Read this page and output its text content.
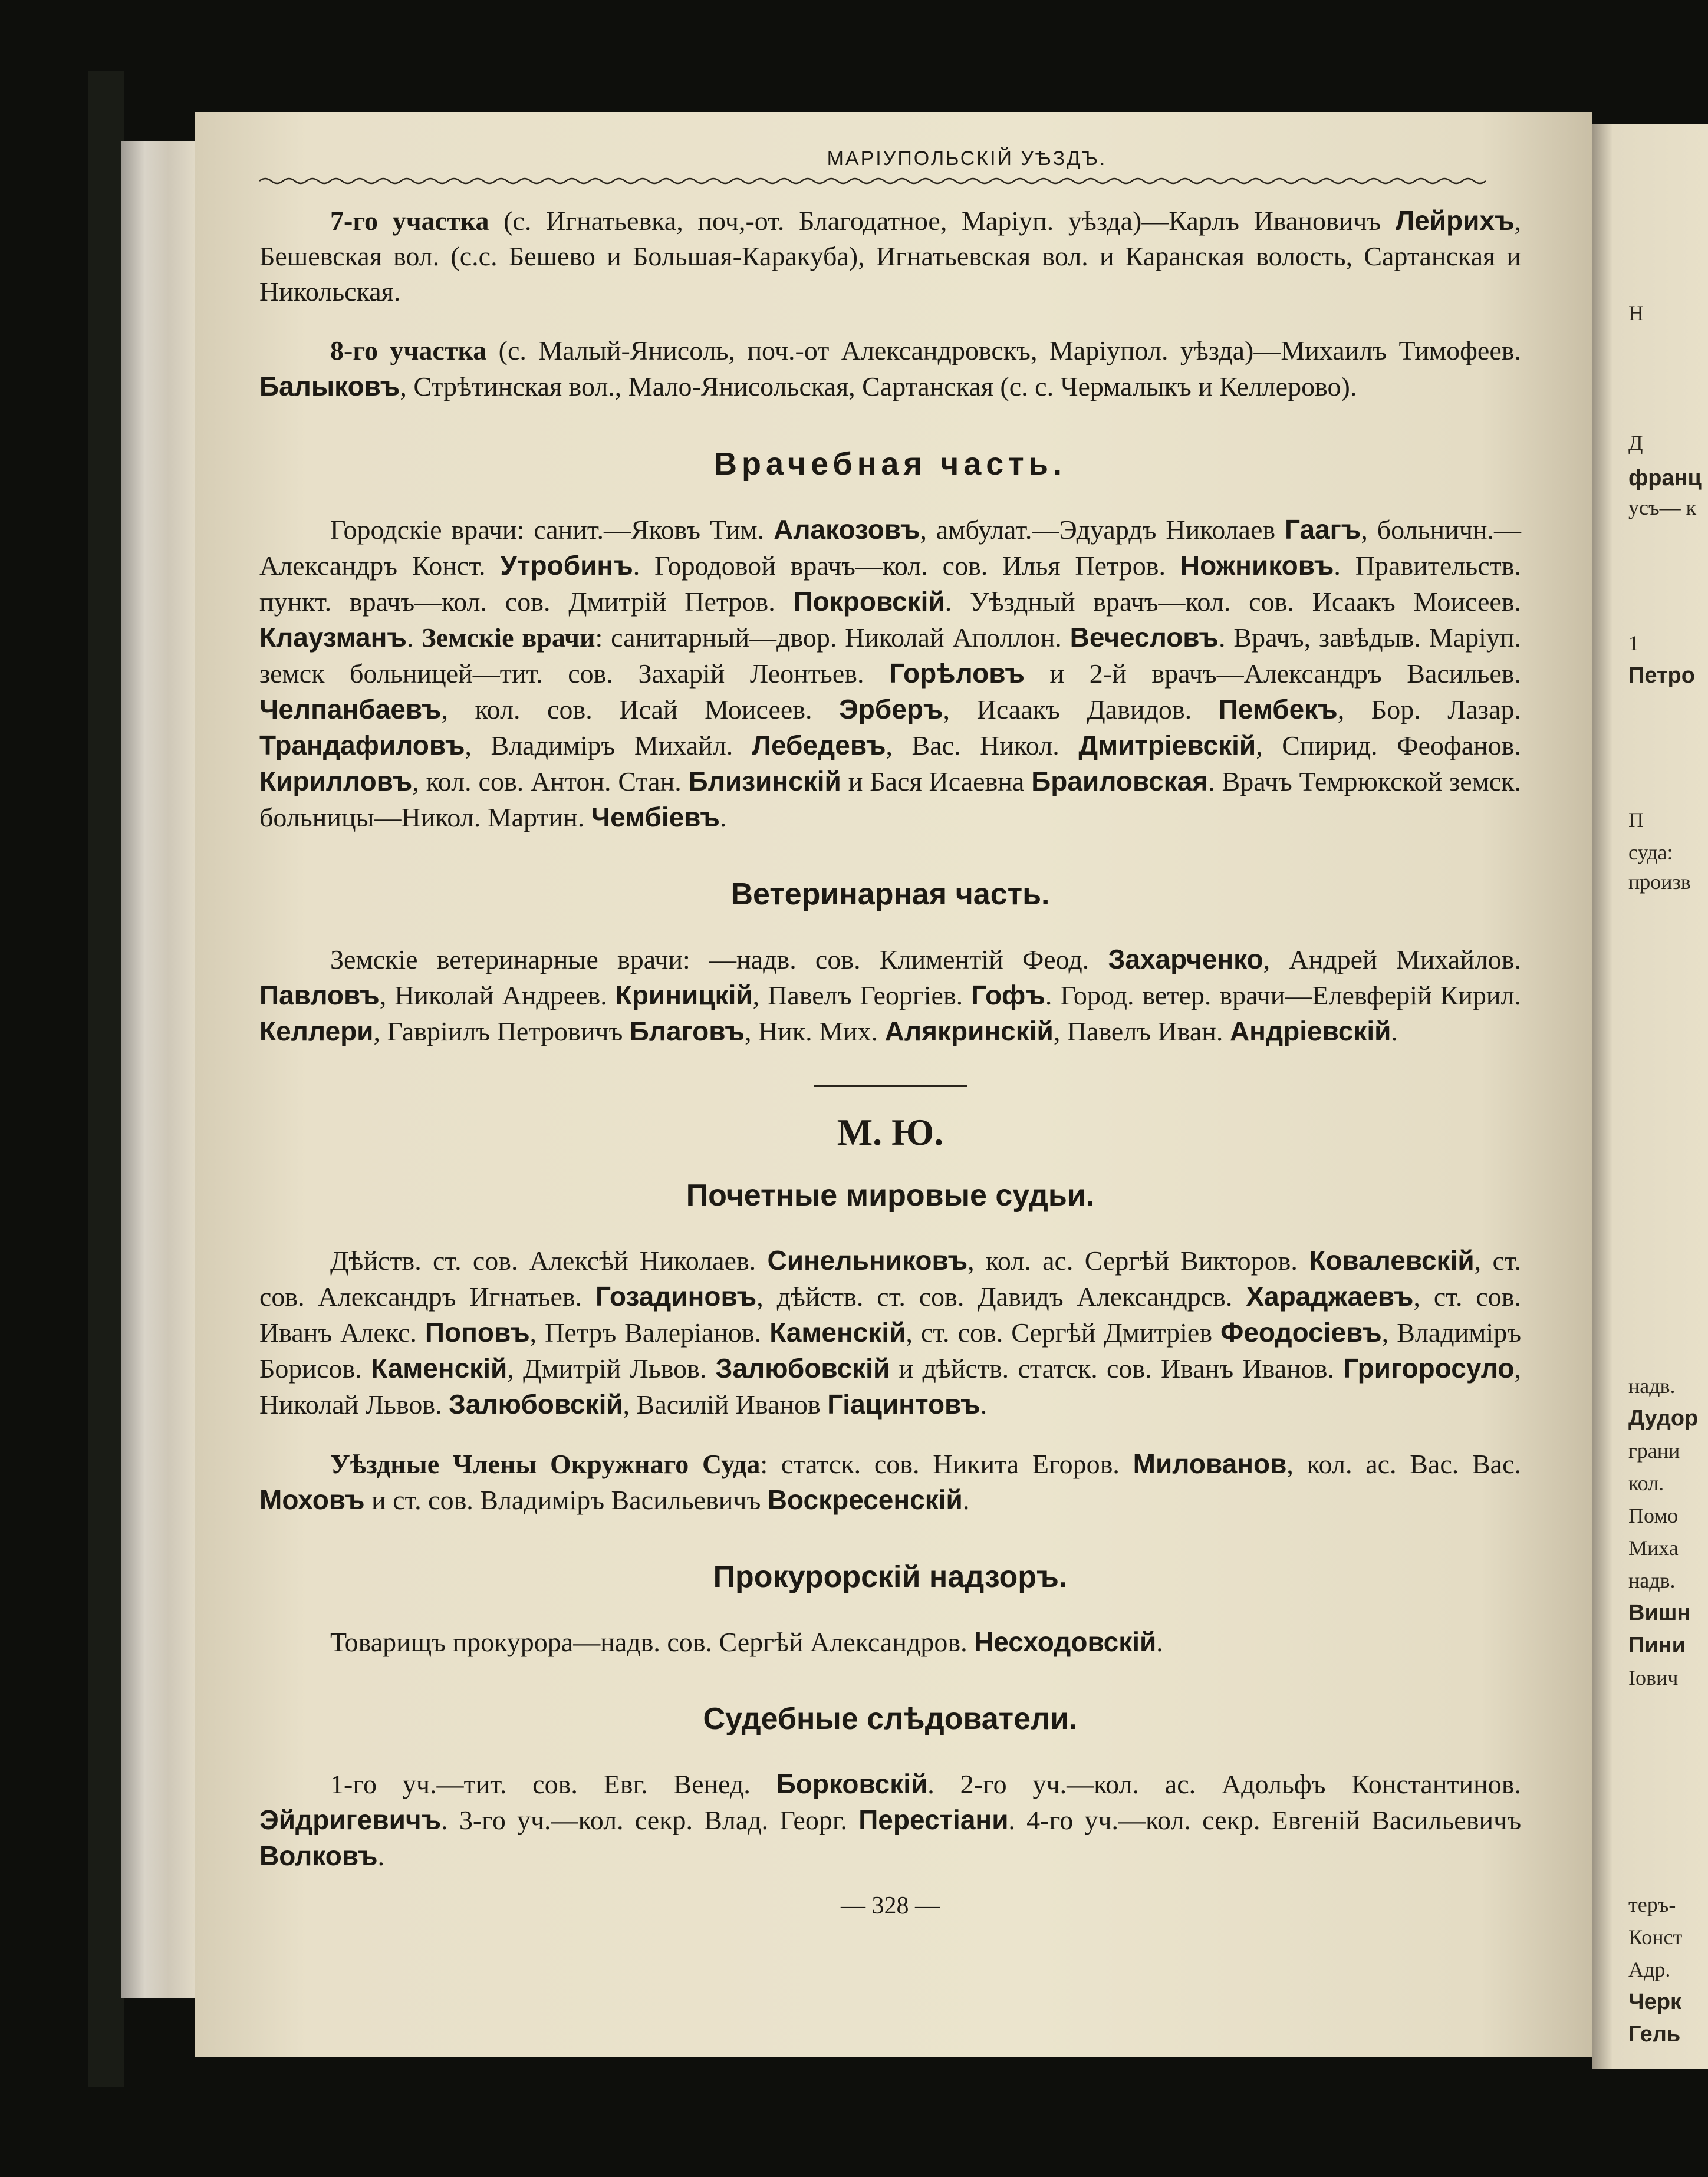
Н
Д
франц
усъ— к
1
Петро
П
суда:
произв
надв.
Дудор
грани
кол.
Помо
Миха
надв.
Вишн
Пини
Іович
теръ-
Конст
Адр.
Черк
Гель
МАРІУПОЛЬСКІЙ УѢЗДЪ.

7-го участка (с. Игнатьевка, поч,-от. Благодатное, Маріуп. уѣзда)—Карлъ Ивановичъ Лейрихъ, Бешевская вол. (с.с. Бешево и Большая-Каракуба), Игнатьевская вол. и Каранская волость, Сартанская и Никольская.

8-го участка (с. Малый-Янисоль, поч.-от Александровскъ, Маріупол. уѣзда)—Михаилъ Тимофеев. Балыковъ, Стрѣтинская вол., Мало-Янисольская, Сартанская (с. с. Чермалыкъ и Келлерово).

Врачебная часть.

Городскіе врачи: санит.—Яковъ Тим. Алакозовъ, амбулат.—Эдуардъ Николаев Гаагъ, больничн.— Александръ Конст. Утробинъ. Городовой врачъ—кол. сов. Илья Петров. Ножниковъ. Правительств. пункт. врачъ—кол. сов. Дмитрій Петров. Покровскій. Уѣздный врачъ—кол. сов. Исаакъ Моисеев. Клаузманъ. Земскіе врачи: санитарный—двор. Николай Аполлон. Вечесловъ. Врачъ, завѣдыв. Маріуп. земск больницей—тит. сов. Захарій Леонтьев. Горѣловъ и 2-й врачъ—Александръ Васильев. Челпанбаевъ, кол. сов. Исай Моисеев. Эрберъ, Исаакъ Давидов. Пембекъ, Бор. Лазар. Трандафиловъ, Владиміръ Михайл. Лебедевъ, Вас. Никол. Дмитріевскій, Спирид. Феофанов. Кирилловъ, кол. сов. Антон. Стан. Близинскій и Бася Исаевна Браиловская. Врачъ Темрюкской земск. больницы—Никол. Мартин. Чембіевъ.

Ветеринарная часть.

Земскіе ветеринарные врачи: —надв. сов. Климентій Феод. Захарченко, Андрей Михайлов. Павловъ, Николай Андреев. Криницкій, Павелъ Георгіев. Гофъ. Город. ветер. врачи—Елевферій Кирил. Келлери, Гавріилъ Петровичъ Благовъ, Ник. Мих. Алякринскій, Павелъ Иван. Андріевскій.

М. Ю.
Почетные мировые судьи.

Дѣйств. ст. сов. Алексѣй Николаев. Синельниковъ, кол. ас. Сергѣй Викторов. Ковалевскій, ст. сов. Александръ Игнатьев. Гозадиновъ, дѣйств. ст. сов. Давидъ Александрсв. Хараджаевъ, ст. сов. Иванъ Алекс. Поповъ, Петръ Валеріанов. Каменскій, ст. сов. Сергѣй Дмитріев Феодосіевъ, Владиміръ Борисов. Каменскій, Дмитрій Львов. Залюбовскій и дѣйств. статск. сов. Иванъ Иванов. Григоросуло, Николай Львов. Залюбовскій, Василій Иванов Гіацинтовъ.

Уѣздные Члены Окружнаго Суда: статск. сов. Никита Егоров. Милованов, кол. ас. Вас. Вас. Моховъ и ст. сов. Владиміръ Васильевичъ Воскресенскій.

Прокурорскій надзоръ.

Товарищъ прокурора—надв. сов. Сергѣй Александров. Несходовскій.

Судебные слѣдователи.

1-го уч.—тит. сов. Евг. Венед. Борковскій. 2-го уч.—кол. ас. Адольфъ Константинов. Эйдригевичъ. 3-го уч.—кол. секр. Влад. Георг. Перестіани. 4-го уч.—кол. секр. Евгеній Васильевичъ Волковъ.

— 328 —
